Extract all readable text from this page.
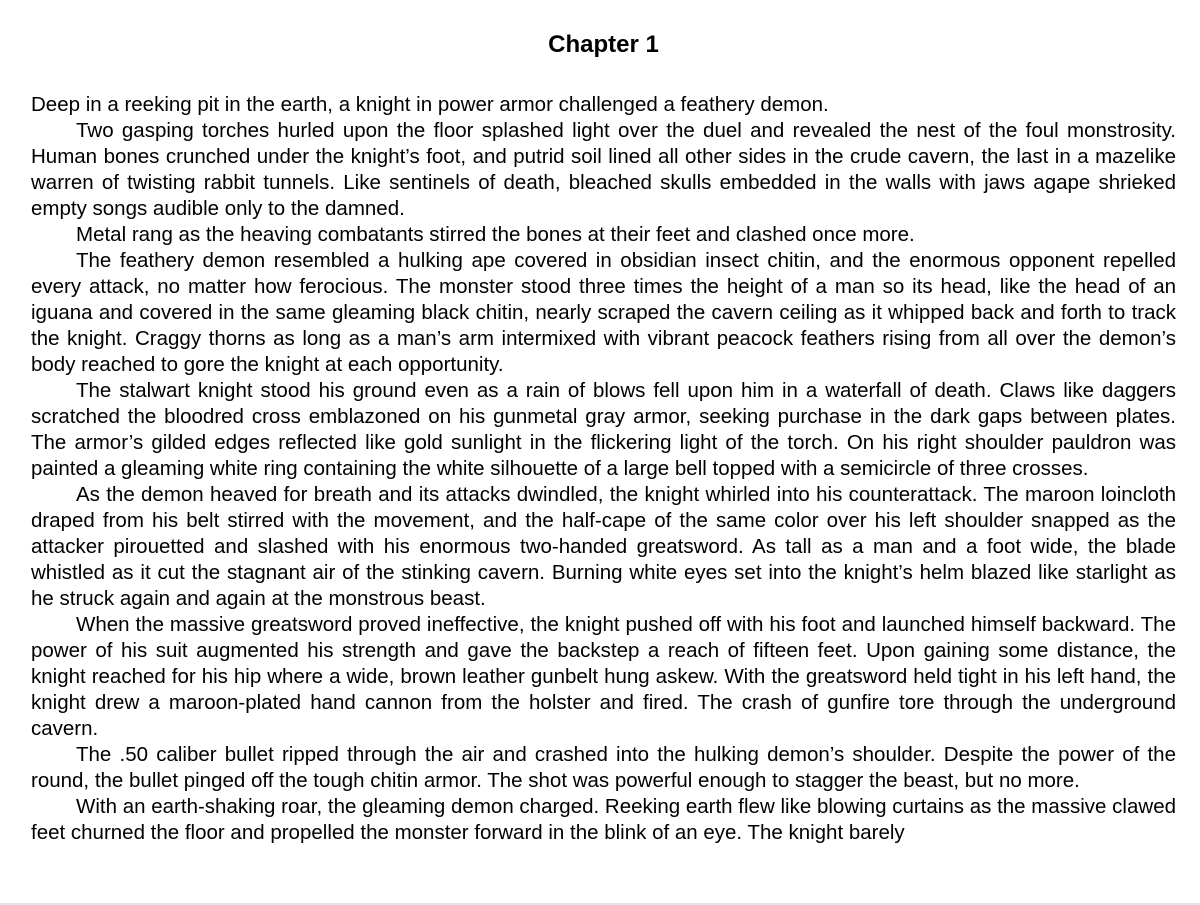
Chapter 1

Deep in a reeking pit in the earth, a knight in power armor challenged a feathery demon.

Two gasping torches hurled upon the floor splashed light over the duel and revealed the nest of the foul monstrosity. Human bones crunched under the knight’s foot, and putrid soil lined all other sides in the crude cavern, the last in a mazelike warren of twisting rabbit tunnels. Like sentinels of death, bleached skulls embedded in the walls with jaws agape shrieked empty songs audible only to the damned.

Metal rang as the heaving combatants stirred the bones at their feet and clashed once more.

The feathery demon resembled a hulking ape covered in obsidian insect chitin, and the enormous opponent repelled every attack, no matter how ferocious. The monster stood three times the height of a man so its head, like the head of an iguana and covered in the same gleaming black chitin, nearly scraped the cavern ceiling as it whipped back and forth to track the knight. Craggy thorns as long as a man’s arm intermixed with vibrant peacock feathers rising from all over the demon’s body reached to gore the knight at each opportunity.

The stalwart knight stood his ground even as a rain of blows fell upon him in a waterfall of death. Claws like daggers scratched the bloodred cross emblazoned on his gunmetal gray armor, seeking purchase in the dark gaps between plates. The armor’s gilded edges reflected like gold sunlight in the flickering light of the torch. On his right shoulder pauldron was painted a gleaming white ring containing the white silhouette of a large bell topped with a semicircle of three crosses.

As the demon heaved for breath and its attacks dwindled, the knight whirled into his counterattack. The maroon loincloth draped from his belt stirred with the movement, and the half-cape of the same color over his left shoulder snapped as the attacker pirouetted and slashed with his enormous two-handed greatsword. As tall as a man and a foot wide, the blade whistled as it cut the stagnant air of the stinking cavern. Burning white eyes set into the knight’s helm blazed like starlight as he struck again and again at the monstrous beast.

When the massive greatsword proved ineffective, the knight pushed off with his foot and launched himself backward. The power of his suit augmented his strength and gave the backstep a reach of fifteen feet. Upon gaining some distance, the knight reached for his hip where a wide, brown leather gunbelt hung askew. With the greatsword held tight in his left hand, the knight drew a maroon-plated hand cannon from the holster and fired. The crash of gunfire tore through the underground cavern.

The .50 caliber bullet ripped through the air and crashed into the hulking demon’s shoulder. Despite the power of the round, the bullet pinged off the tough chitin armor. The shot was powerful enough to stagger the beast, but no more.

With an earth-shaking roar, the gleaming demon charged. Reeking earth flew like blowing curtains as the massive clawed feet churned the floor and propelled the monster forward in the blink of an eye. The knight barely
